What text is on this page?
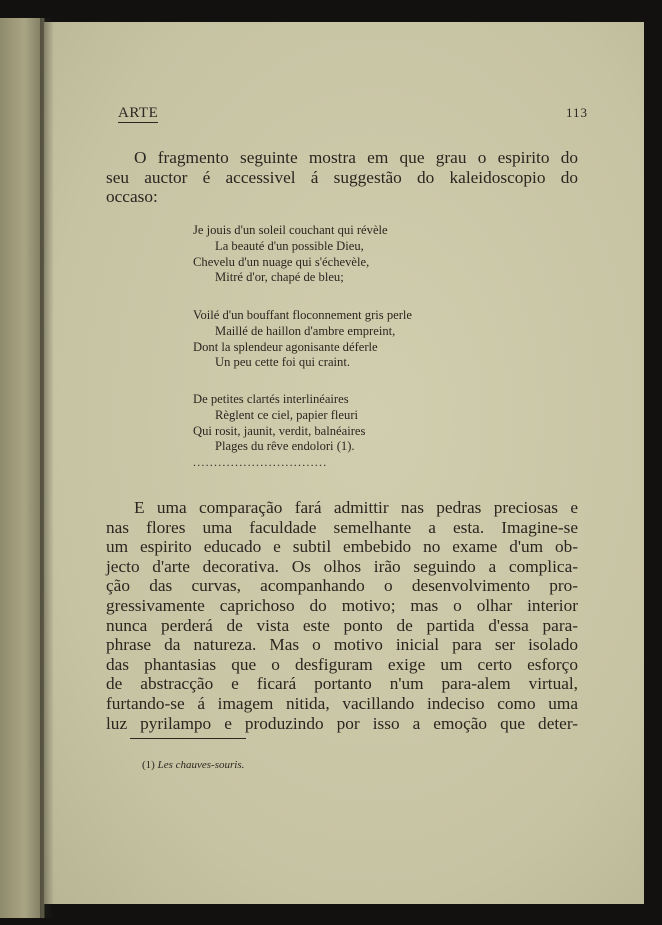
ARTE	113
O fragmento seguinte mostra em que grau o espirito do
seu auctor é accessivel á suggestão do kaleidoscopio do
occaso:
Je jouis d'un soleil couchant qui révèle
La beauté d'un possible Dieu,
Chevelu d'un nuage qui s'échevèle,
Mitré d'or, chapé de bleu;
Voilé d'un bouffant floconnement gris perle
Maillé de haillon d'ambre empreint,
Dont la splendeur agonisante déferle
Un peu cette foi qui craint.
De petites clartés interlinéaires
Règlent ce ciel, papier fleuri
Qui rosit, jaunit, verdit, balnéaires
Plages du rêve endolori (1).
................................
E uma comparação fará admittir nas pedras preciosas e
nas flores uma faculdade semelhante a esta. Imagine-se
um espirito educado e subtil embebido no exame d'um ob-
jecto d'arte decorativa. Os olhos irão seguindo a complica-
ção das curvas, acompanhando o desenvolvimento pro-
gressivamente caprichoso do motivo; mas o olhar interior
nunca perderá de vista este ponto de partida d'essa para-
phrase da natureza. Mas o motivo inicial para ser isolado
das phantasias que o desfiguram exige um certo esforço
de abstracção e ficará portanto n'um para-alem virtual,
furtando-se á imagem nitida, vacillando indeciso como uma
luz pyrilampo e produzindo por isso a emoção que deter-
(1) Les chauves-souris.
